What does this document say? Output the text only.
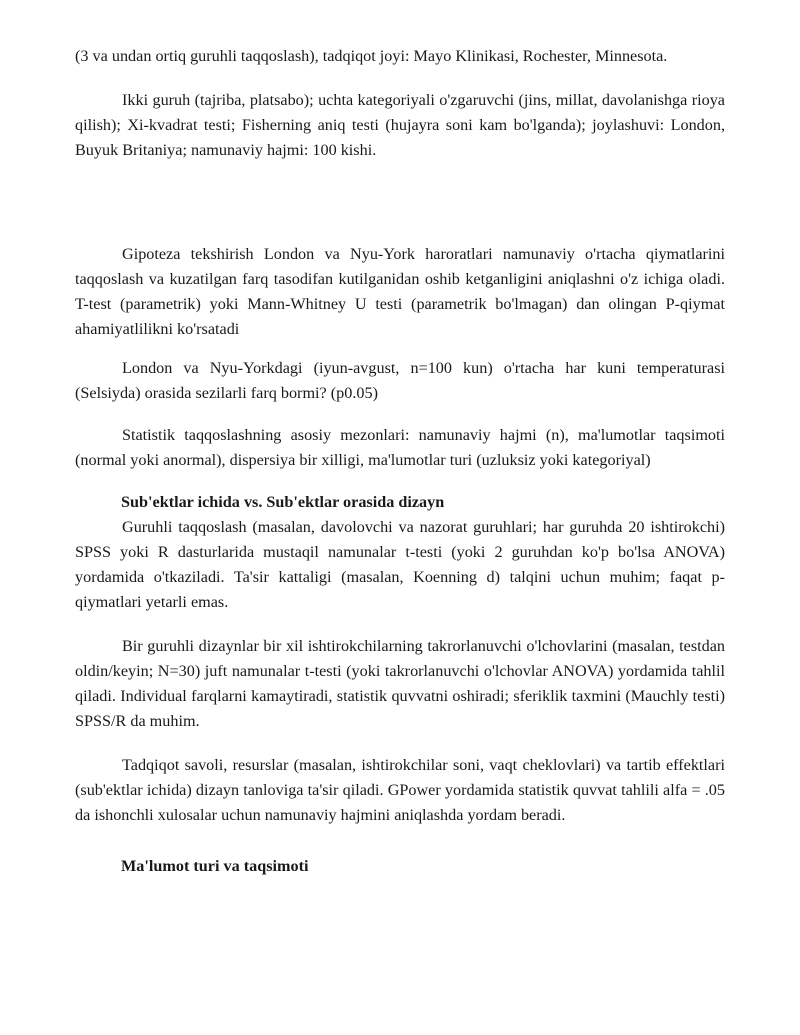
(3 va undan ortiq guruhli taqqoslash), tadqiqot joyi: Mayo Klinikasi, Rochester, Minnesota.

Ikki guruh (tajriba, platsabo); uchta kategoriyali o'zgaruvchi (jins, millat, davolanishga rioya qilish); Xi-kvadrat testi; Fisherning aniq testi (hujayra soni kam bo'lganda); joylashuvi: London, Buyuk Britaniya; namunaviy hajmi: 100 kishi.

Gipoteza tekshirish London va Nyu-York haroratlari namunaviy o'rtacha qiymatlarini taqqoslash va kuzatilgan farq tasodifan kutilganidan oshib ketganligini aniqlashni o'z ichiga oladi. T-test (parametrik) yoki Mann-Whitney U testi (parametrik bo'lmagan) dan olingan P-qiymat ahamiyatlilikni ko'rsatadi

London va Nyu-Yorkdagi (iyun-avgust, n=100 kun) o'rtacha har kuni temperaturasi (Selsiyda) orasida sezilarli farq bormi? (p0.05)

Statistik taqqoslashning asosiy mezonlari: namunaviy hajmi (n), ma'lumotlar taqsimoti (normal yoki anormal), dispersiya bir xilligi, ma'lumotlar turi (uzluksiz yoki kategoriyal)

Sub'ektlar ichida vs. Sub'ektlar orasida dizayn

Guruhli taqqoslash (masalan, davolovchi va nazorat guruhlari; har guruhda 20 ishtirokchi) SPSS yoki R dasturlarida mustaqil namunalar t-testi (yoki 2 guruhdan ko'p bo'lsa ANOVA) yordamida o'tkaziladi. Ta'sir kattaligi (masalan, Koenning d) talqini uchun muhim; faqat p-qiymatlari yetarli emas.

Bir guruhli dizaynlar bir xil ishtirokchilarning takrorlanuvchi o'lchovlarini (masalan, testdan oldin/keyin; N=30) juft namunalar t-testi (yoki takrorlanuvchi o'lchovlar ANOVA) yordamida tahlil qiladi. Individual farqlarni kamaytiradi, statistik quvvatni oshiradi; sferiklik taxmini (Mauchly testi) SPSS/R da muhim.

Tadqiqot savoli, resurslar (masalan, ishtirokchilar soni, vaqt cheklovlari) va tartib effektlari (sub'ektlar ichida) dizayn tanloviga ta'sir qiladi. GPower yordamida statistik quvvat tahlili alfa = .05 da ishonchli xulosalar uchun namunaviy hajmini aniqlashda yordam beradi.

Ma'lumot turi va taqsimoti
